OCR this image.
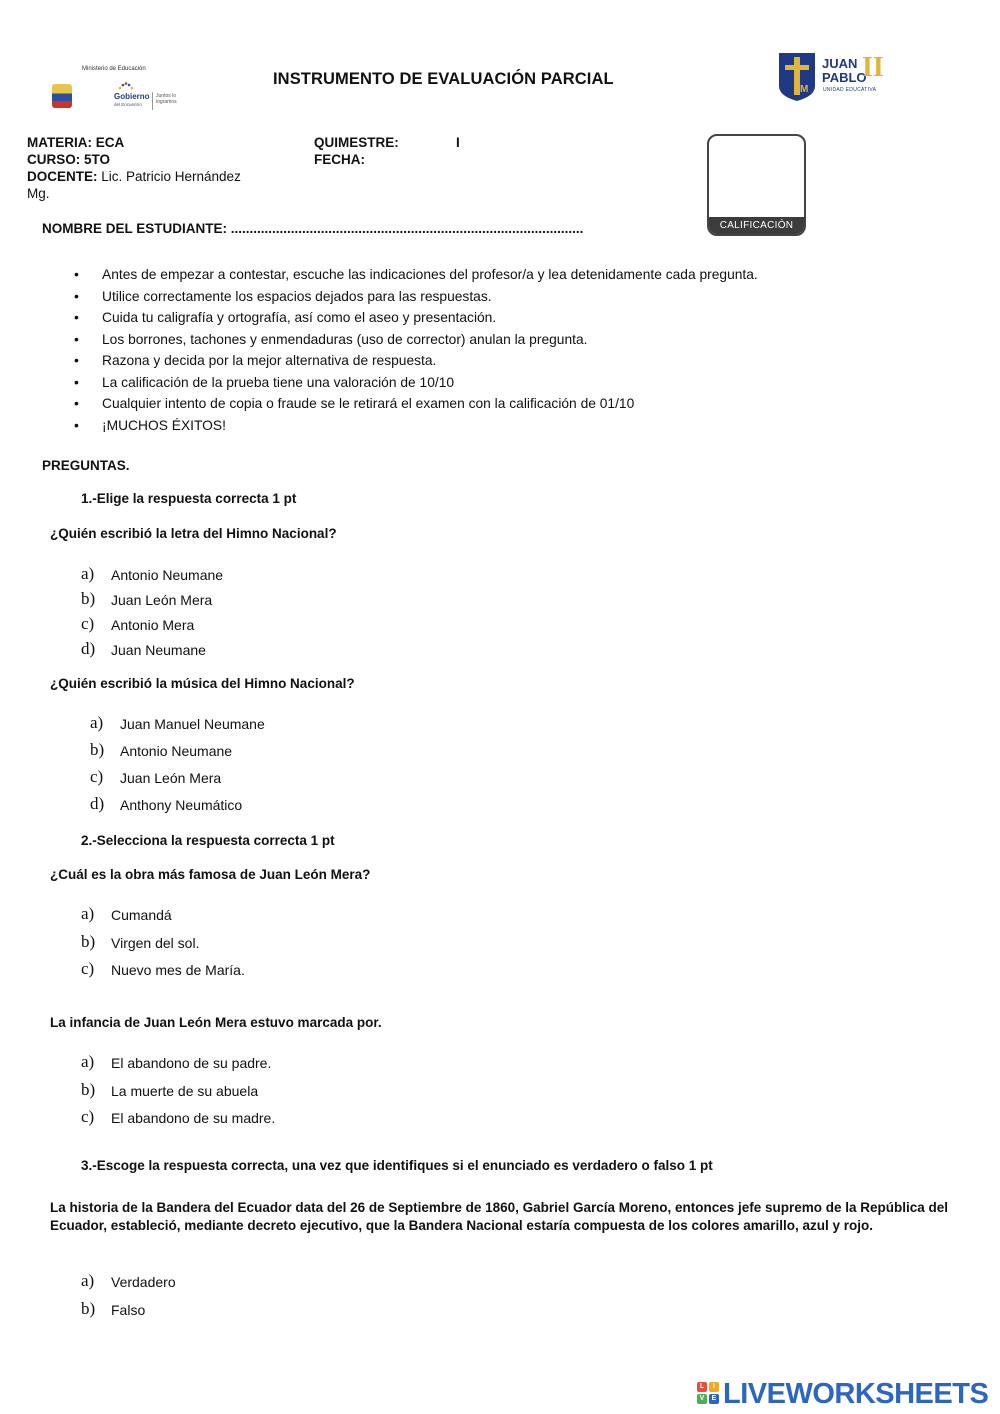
Ministerio de Educación
Gobierno
del Encuentro
Juntos lo logramos
INSTRUMENTO DE EVALUACIÓN PARCIAL
M
JUAN
PABLO
II
UNIDAD EDUCATIVA
MATERIA: ECA
CURSO: 5TO
DOCENTE: Lic. Patricio Hernández
Mg.
QUIMESTRE:	I
FECHA:
CALIFICACIÓN
NOMBRE DEL ESTUDIANTE: ..............................................................................................
• Antes de empezar a contestar, escuche las indicaciones del profesor/a y lea detenidamente cada pregunta.
• Utilice correctamente los espacios dejados para las respuestas.
• Cuida tu caligrafía y ortografía, así como el aseo y presentación.
• Los borrones, tachones y enmendaduras (uso de corrector) anulan la pregunta.
• Razona y decida por la mejor alternativa de respuesta.
• La calificación de la prueba tiene una valoración de 10/10
• Cualquier intento de copia o fraude se le retirará el examen con la calificación de 01/10
• ¡MUCHOS ÉXITOS!
PREGUNTAS.
1.-Elige la respuesta correcta 1 pt
¿Quién escribió la letra del Himno Nacional?
a) Antonio Neumane
b) Juan León Mera
c) Antonio Mera
d) Juan Neumane
¿Quién escribió la música del Himno Nacional?
a) Juan Manuel Neumane
b) Antonio Neumane
c) Juan León Mera
d) Anthony Neumático
2.-Selecciona la respuesta correcta 1 pt
¿Cuál es la obra más famosa de Juan León Mera?
a) Cumandá
b) Virgen del sol.
c) Nuevo mes de María.
La infancia de Juan León Mera estuvo marcada por.
a) El abandono de su padre.
b) La muerte de su abuela
c) El abandono de su madre.
3.-Escoge la respuesta correcta, una vez que identifiques si el enunciado es verdadero o falso 1 pt
La historia de la Bandera del Ecuador data del 26 de Septiembre de 1860, Gabriel García Moreno, entonces jefe supremo de la República del Ecuador, estableció, mediante decreto ejecutivo, que la Bandera Nacional estaría compuesta de los colores amarillo, azul y rojo.
a) Verdadero
b) Falso
L	I
V	E LIVEWORKSHEETS
